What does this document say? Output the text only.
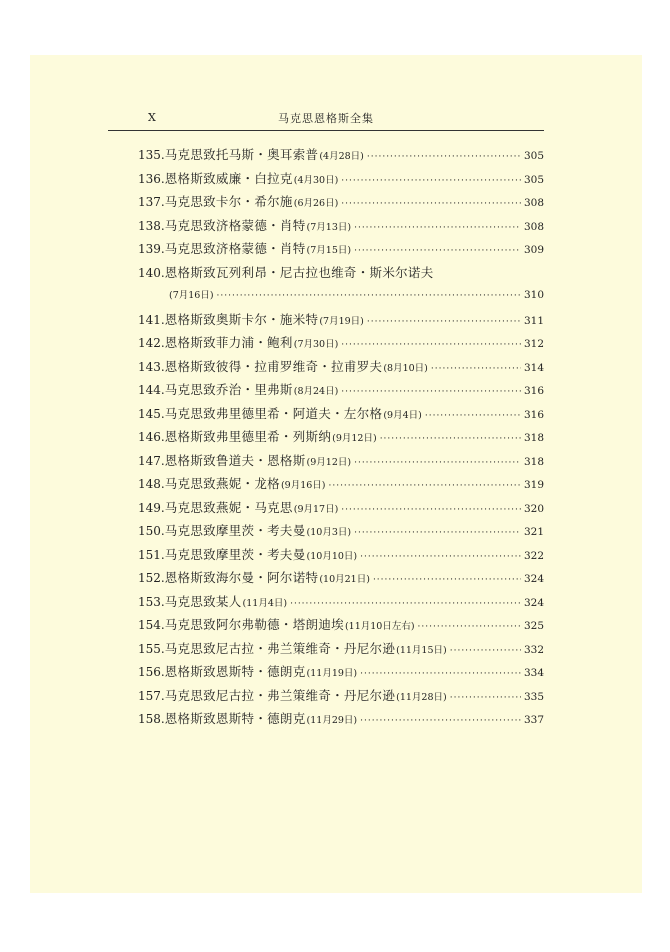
X	马克思恩格斯全集
135 . 马克思致托马斯・奥耳索普 (4月28日) ·····	305
136 . 恩格斯致威廉・白拉克 (4月30日) ·····	305
137 . 马克思致卡尔・希尔施 (6月26日) ·····	308
138 . 马克思致济格蒙德・肖特 (7月13日) ·····	308
139 . 马克思致济格蒙德・肖特 (7月15日) ·····	309
140 . 恩格斯致瓦列利昂・尼古拉也维奇・斯米尔诺夫
(7月16日) ·····	310
141 . 恩格斯致奥斯卡尔・施米特 (7月19日) ·····	311
142 . 恩格斯致菲力浦・鲍利 (7月30日) ·····	312
143 . 恩格斯致彼得・拉甫罗维奇・拉甫罗夫 (8月10日) ·····	314
144 . 马克思致乔治・里弗斯 (8月24日) ·····	316
145 . 马克思致弗里德里希・阿道夫・左尔格 (9月4日) ·····	316
146 . 恩格斯致弗里德里希・列斯纳 (9月12日) ·····	318
147 . 恩格斯致鲁道夫・恩格斯 (9月12日) ·····	318
148 . 马克思致燕妮・龙格 (9月16日) ·····	319
149 . 马克思致燕妮・马克思 (9月17日) ·····	320
150 . 马克思致摩里茨・考夫曼 (10月3日) ·····	321
151 . 马克思致摩里茨・考夫曼 (10月10日) ·····	322
152 . 恩格斯致海尔曼・阿尔诺特 (10月21日) ·····	324
153 . 马克思致某人 (11月4日) ·····	324
154 . 马克思致阿尔弗勒德・塔朗迪埃 (11月10日左右) ·····	325
155 . 马克思致尼古拉・弗兰策维奇・丹尼尔逊 (11月15日) ·····	332
156 . 恩格斯致恩斯特・德朗克 (11月19日) ·····	334
157 . 马克思致尼古拉・弗兰策维奇・丹尼尔逊 (11月28日) ·····	335
158 . 恩格斯致恩斯特・德朗克 (11月29日) ·····	337
